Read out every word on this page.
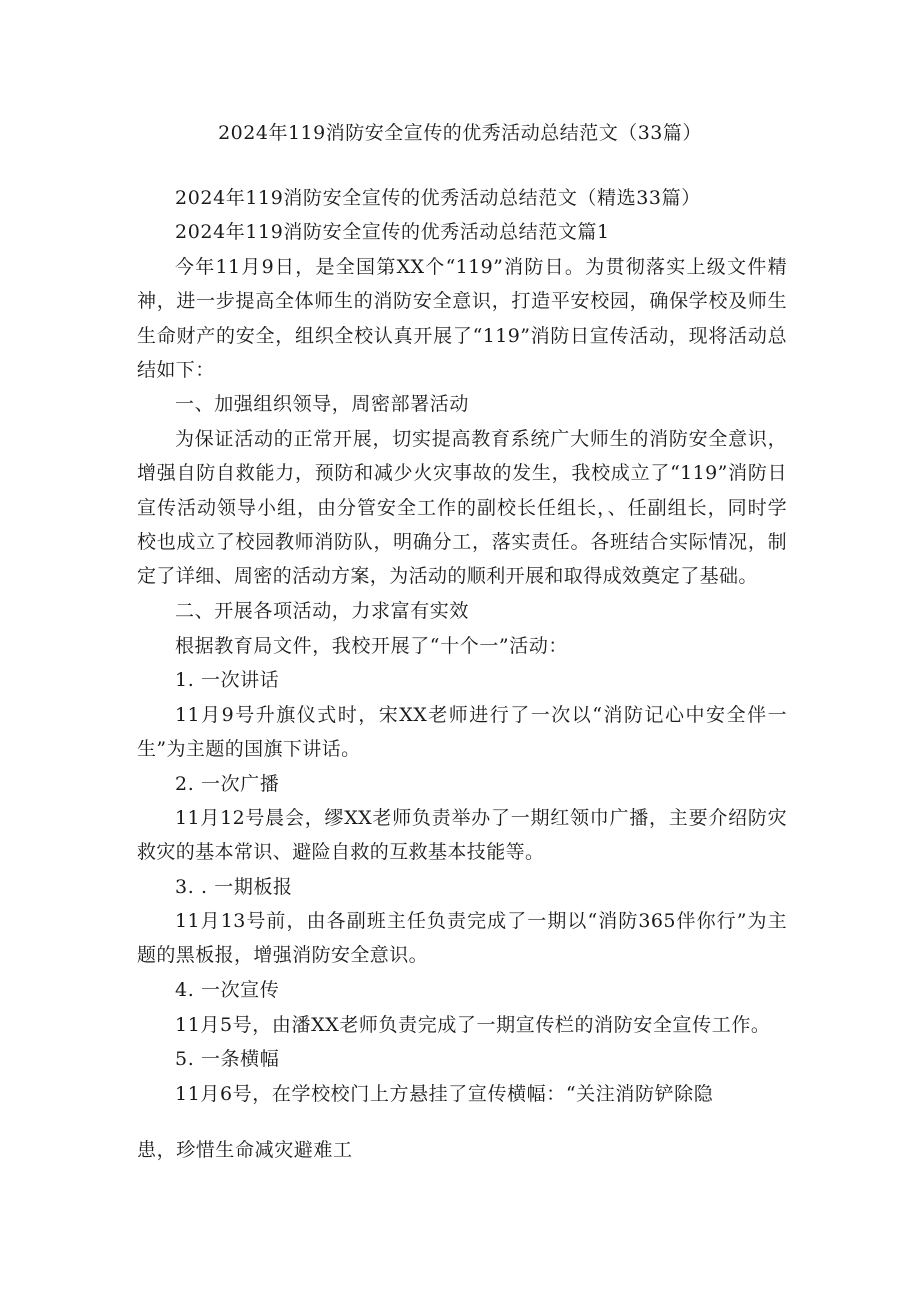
2024年119消防安全宣传的优秀活动总结范文（33篇）
2024年119消防安全宣传的优秀活动总结范文（精选33篇）
2024年119消防安全宣传的优秀活动总结范文篇1
今年11月9日，是全国第XX个“119”消防日。为贯彻落实上级文件精神，进一步提高全体师生的消防安全意识，打造平安校园，确保学校及师生生命财产的安全，组织全校认真开展了“119”消防日宣传活动，现将活动总结如下：
一、加强组织领导，周密部署活动
为保证活动的正常开展，切实提高教育系统广大师生的消防安全意识，增强自防自救能力，预防和减少火灾事故的发生，我校成立了“119”消防日宣传活动领导小组，由分管安全工作的副校长任组长，、任副组长，同时学校也成立了校园教师消防队，明确分工，落实责任。各班结合实际情况，制定了详细、周密的活动方案，为活动的顺利开展和取得成效奠定了基础。
二、开展各项活动，力求富有实效
根据教育局文件，我校开展了“十个一”活动：
1. 一次讲话
11月9号升旗仪式时，宋XX老师进行了一次以“消防记心中安全伴一生”为主题的国旗下讲话。
2. 一次广播
11月12号晨会，缪XX老师负责举办了一期红领巾广播，主要介绍防灾救灾的基本常识、避险自救的互救基本技能等。
3. . 一期板报
11月13号前，由各副班主任负责完成了一期以“消防365伴你行”为主题的黑板报，增强消防安全意识。
4. 一次宣传
11月5号，由潘XX老师负责完成了一期宣传栏的消防安全宣传工作。
5. 一条横幅
11月6号，在学校校门上方悬挂了宣传横幅：“关注消防铲除隐
患，珍惜生命减灾避难工
